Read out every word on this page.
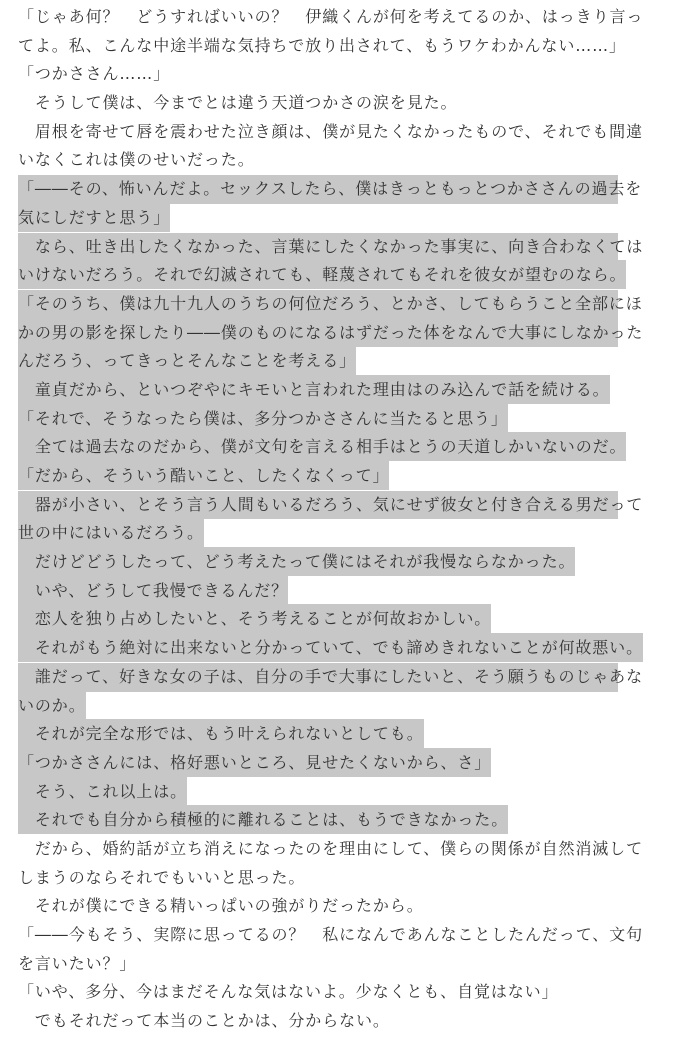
「じゃあ何？　どうすればいいの？　伊織くんが何を考えてるのか、はっきり言っ
てよ。私、こんな中途半端な気持ちで放り出されて、もうワケわかんない……」
「つかささん……」
　そうして僕は、今までとは違う天道つかさの涙を見た。
　眉根を寄せて唇を震わせた泣き顔は、僕が見たくなかったもので、それでも間違
いなくこれは僕のせいだった。
「――その、怖いんだよ。セックスしたら、僕はきっともっとつかささんの過去を
気にしだすと思う」
　なら、吐き出したくなかった、言葉にしたくなかった事実に、向き合わなくては
いけないだろう。それで幻滅されても、軽蔑されてもそれを彼女が望むのなら。
「そのうち、僕は九十九人のうちの何位だろう、とかさ、してもらうこと全部にほ
かの男の影を探したり――僕のものになるはずだった体をなんで大事にしなかった
んだろう、ってきっとそんなことを考える」
　童貞だから、といつぞやにキモいと言われた理由はのみ込んで話を続ける。
「それで、そうなったら僕は、多分つかささんに当たると思う」
　全ては過去なのだから、僕が文句を言える相手はとうの天道しかいないのだ。
「だから、そういう酷いこと、したくなくって」
　器が小さい、とそう言う人間もいるだろう、気にせず彼女と付き合える男だって
世の中にはいるだろう。
　だけどどうしたって、どう考えたって僕にはそれが我慢ならなかった。
　いや、どうして我慢できるんだ？
　恋人を独り占めしたいと、そう考えることが何故おかしい。
　それがもう絶対に出来ないと分かっていて、でも諦めきれないことが何故悪い。
　誰だって、好きな女の子は、自分の手で大事にしたいと、そう願うものじゃあな
いのか。
　それが完全な形では、もう叶えられないとしても。
「つかささんには、格好悪いところ、見せたくないから、さ」
　そう、これ以上は。
　それでも自分から積極的に離れることは、もうできなかった。
　だから、婚約話が立ち消えになったのを理由にして、僕らの関係が自然消滅して
しまうのならそれでもいいと思った。
　それが僕にできる精いっぱいの強がりだったから。
「――今もそう、実際に思ってるの？　私になんであんなことしたんだって、文句
を言いたい？」
「いや、多分、今はまだそんな気はないよ。少なくとも、自覚はない」
　でもそれだって本当のことかは、分からない。
